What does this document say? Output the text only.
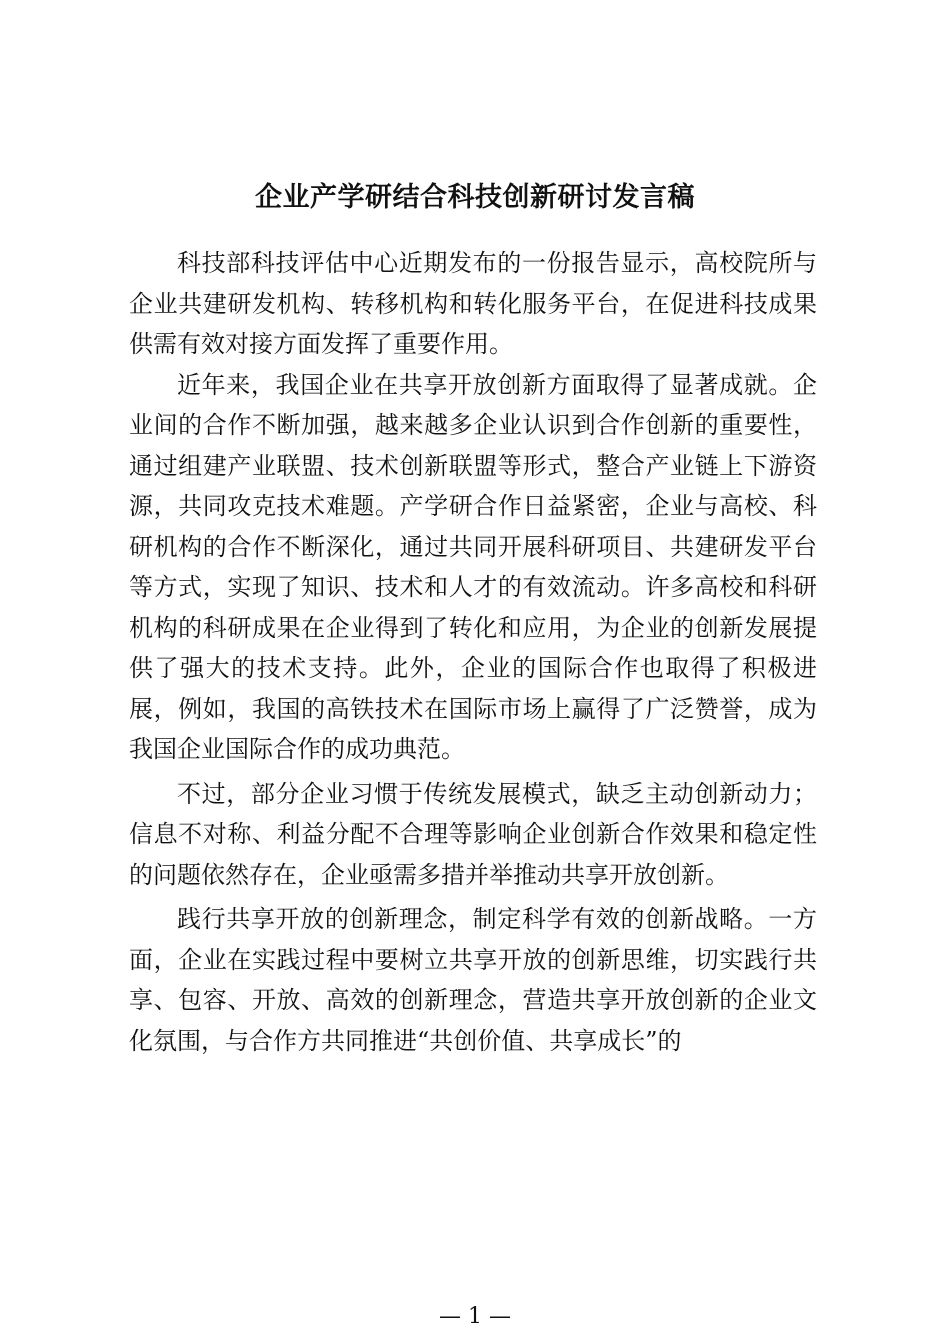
企业产学研结合科技创新研讨发言稿

科技部科技评估中心近期发布的一份报告显示，高校院所与企业共建研发机构、转移机构和转化服务平台，在促进科技成果供需有效对接方面发挥了重要作用。

近年来，我国企业在共享开放创新方面取得了显著成就。企业间的合作不断加强，越来越多企业认识到合作创新的重要性，通过组建产业联盟、技术创新联盟等形式，整合产业链上下游资源，共同攻克技术难题。产学研合作日益紧密，企业与高校、科研机构的合作不断深化，通过共同开展科研项目、共建研发平台等方式，实现了知识、技术和人才的有效流动。许多高校和科研机构的科研成果在企业得到了转化和应用，为企业的创新发展提供了强大的技术支持。此外，企业的国际合作也取得了积极进展，例如，我国的高铁技术在国际市场上赢得了广泛赞誉，成为我国企业国际合作的成功典范。

不过，部分企业习惯于传统发展模式，缺乏主动创新动力；信息不对称、利益分配不合理等影响企业创新合作效果和稳定性的问题依然存在，企业亟需多措并举推动共享开放创新。

践行共享开放的创新理念，制定科学有效的创新战略。一方面，企业在实践过程中要树立共享开放的创新思维，切实践行共享、包容、开放、高效的创新理念，营造共享开放创新的企业文化氛围，与合作方共同推进“共创价值、共享成长”的

— 1 —
